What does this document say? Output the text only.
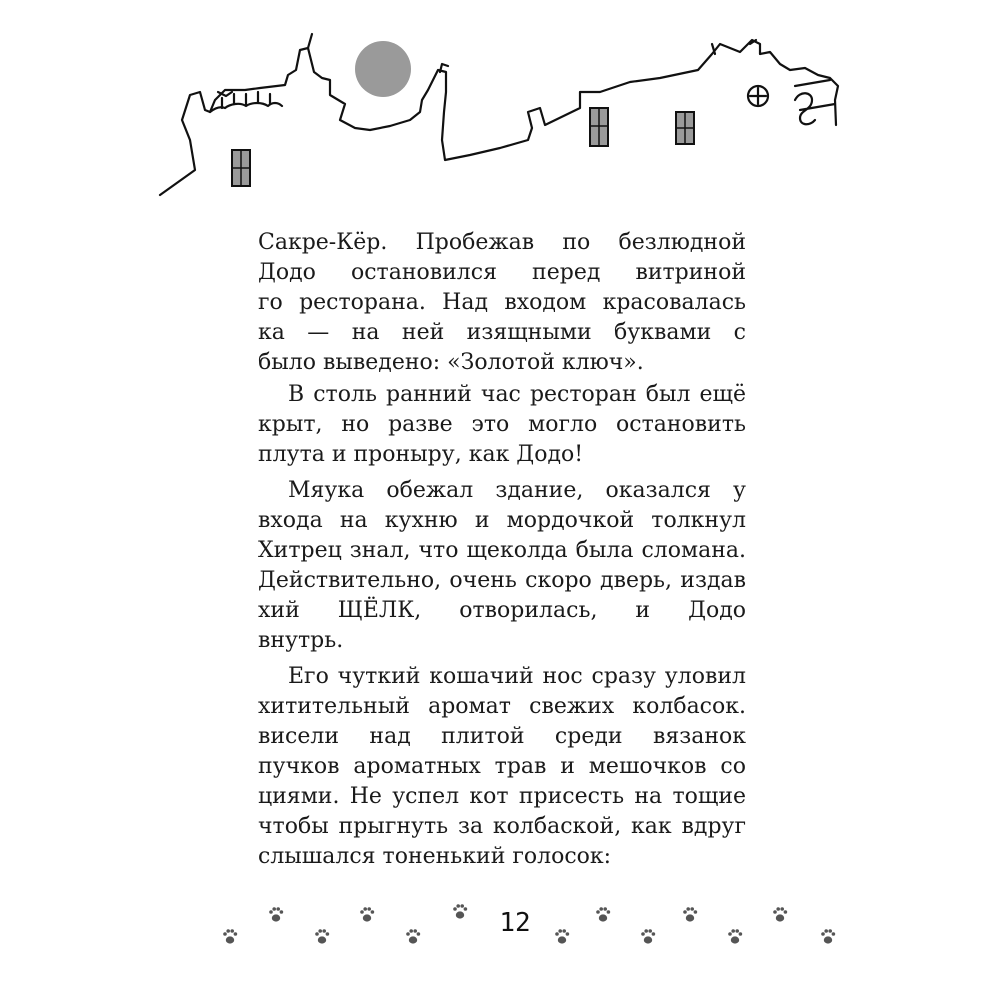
Сакре-Кёр. Пробежав по безлюдной
Додо остановился перед витриной
го ресторана. Над входом красовалась
ка — на ней изящными буквами с
было выведено: «Золотой ключ».
В столь ранний час ресторан был ещё
крыт, но разве это могло остановить
плута и проныру, как Додо!
Мяука обежал здание, оказался у
входа на кухню и мордочкой толкнул
Хитрец знал, что щеколда была сломана.
Действительно, очень скоро дверь, издав
хий ЩЁЛК, отворилась, и Додо
внутрь.
Его чуткий кошачий нос сразу уловил
хитительный аромат свежих колбасок.
висели над плитой среди вязанок
пучков ароматных трав и мешочков со
циями. Не успел кот присесть на тощие
чтобы прыгнуть за колбаской, как вдруг
слышался тоненький голосок:
12
